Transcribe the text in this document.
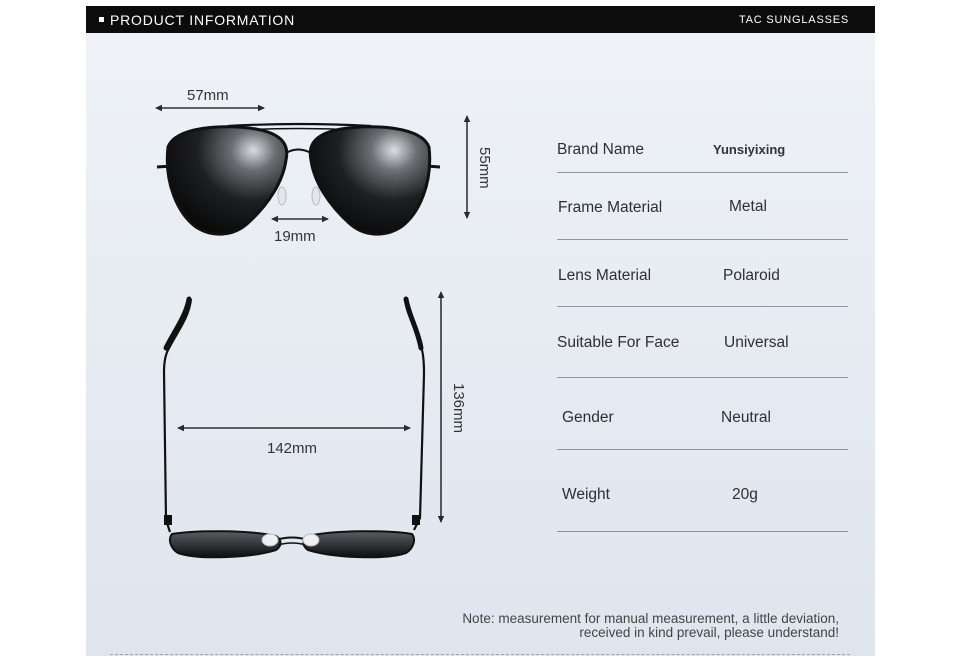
PRODUCT INFORMATION	TAC SUNGLASSES
57mm
19mm
55mm
142mm
136mm
Brand Name	Yunsiyixing
Frame Material	Metal
Lens Material	Polaroid
Suitable For Face	Universal
Gender	Neutral
Weight	20g
Note: measurement for manual measurement, a little deviation,
received in kind prevail, please understand!
